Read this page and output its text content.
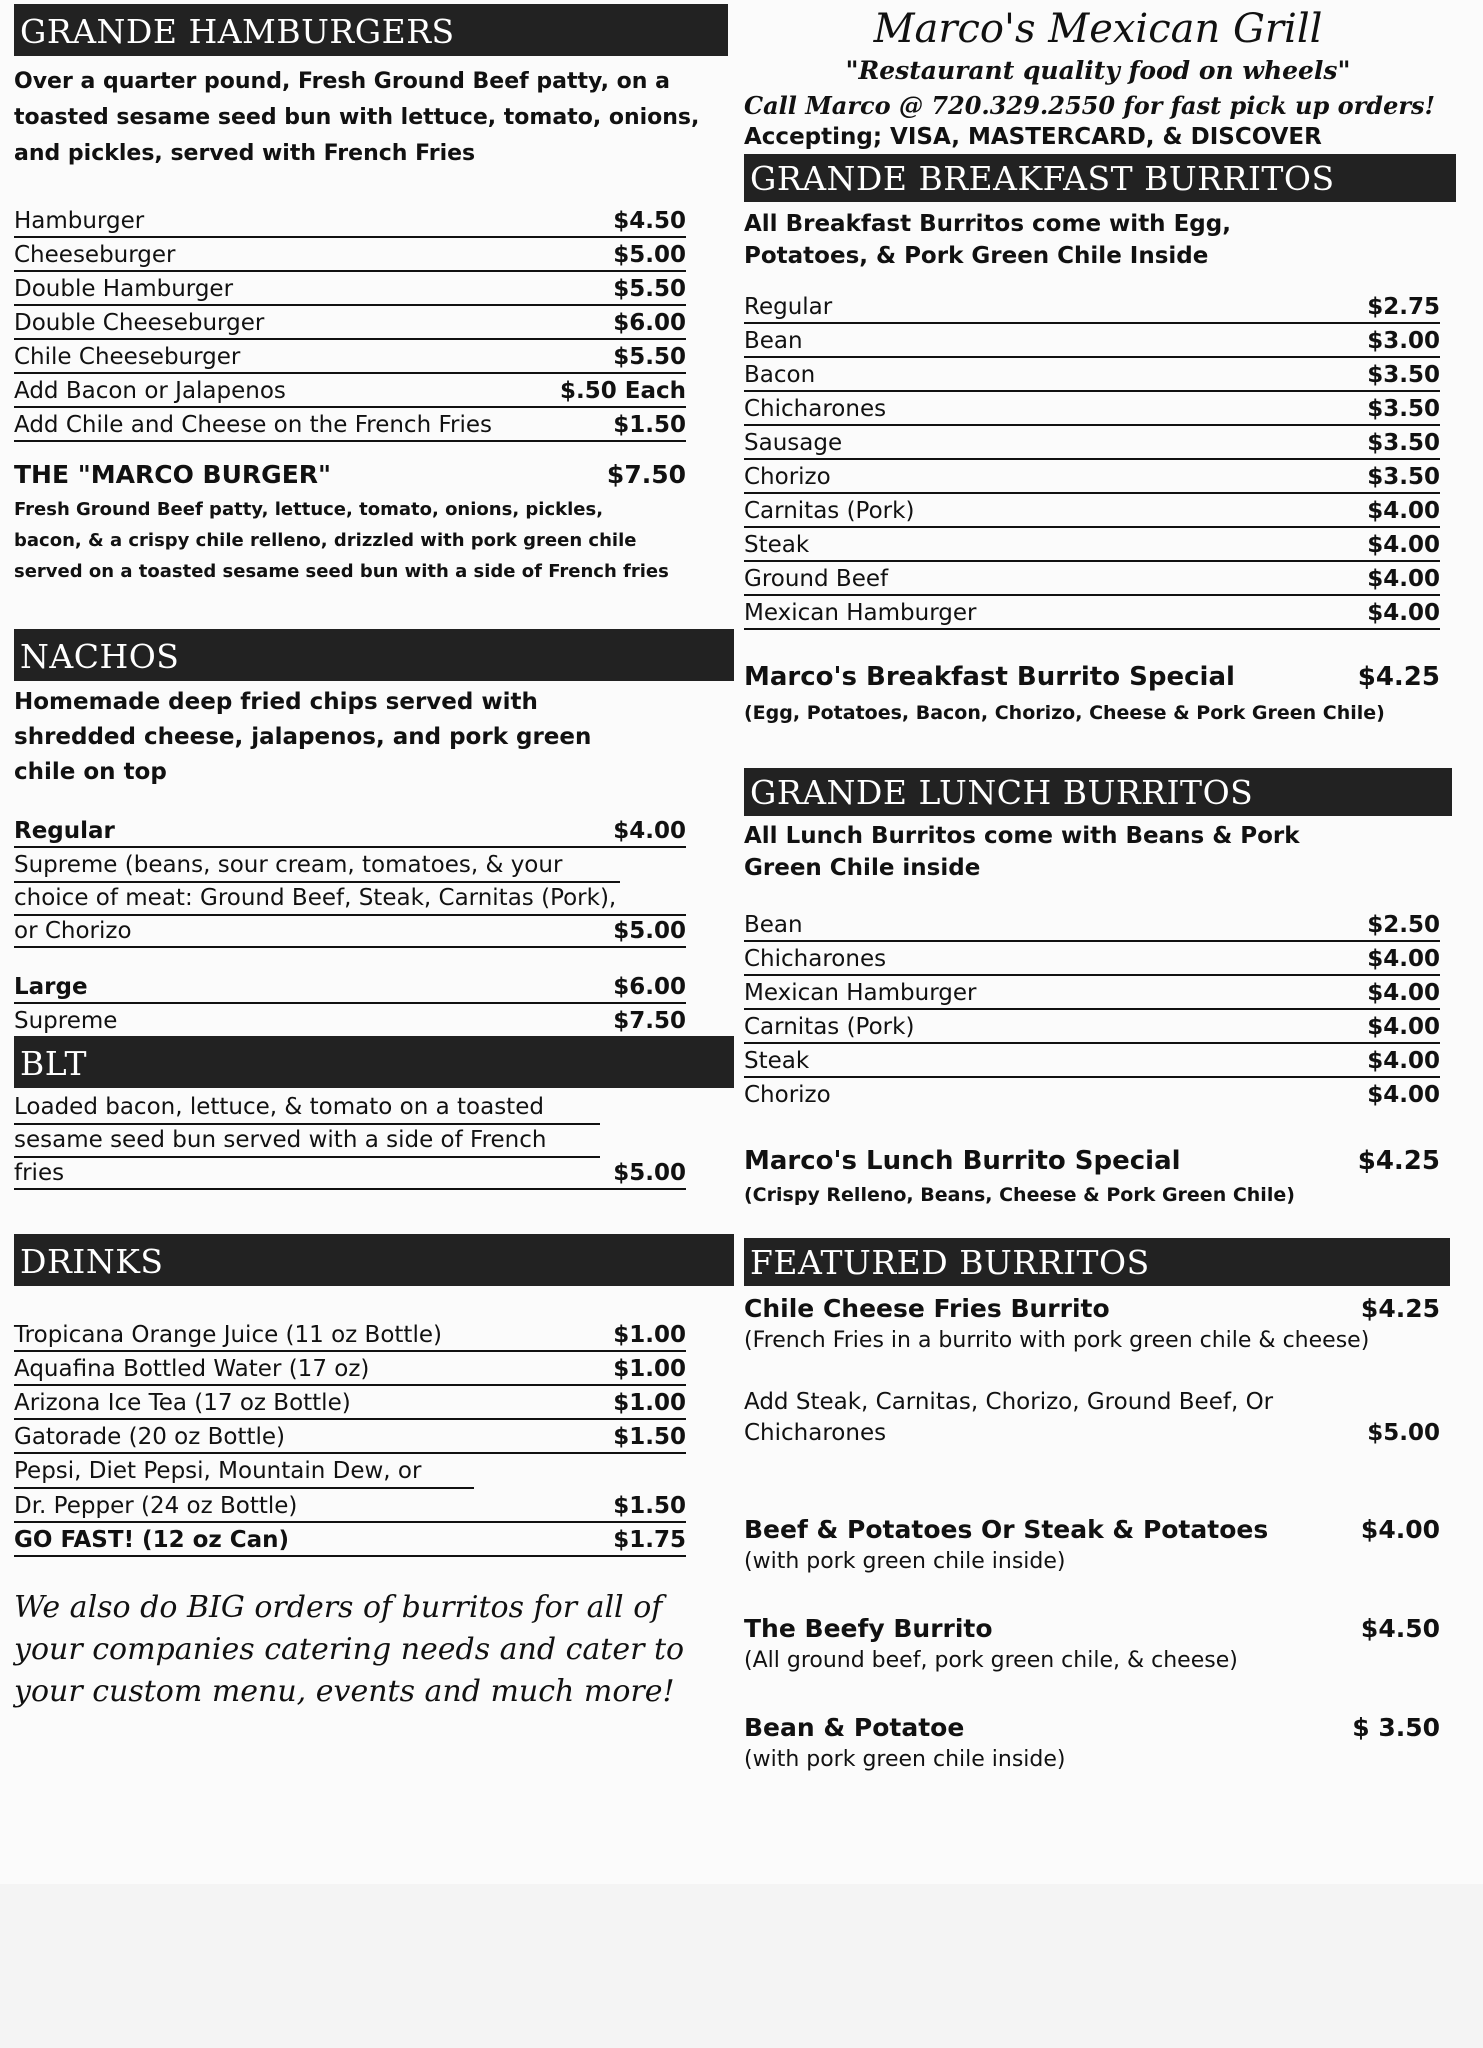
GRANDE HAMBURGERS
Over a quarter pound, Fresh Ground Beef patty, on a toasted sesame seed bun with lettuce, tomato, onions, and pickles, served with French Fries
Hamburger	$4.50
Cheeseburger	$5.00
Double Hamburger	$5.50
Double Cheeseburger	$6.00
Chile Cheeseburger	$5.50
Add Bacon or Jalapenos	$.50 Each
Add Chile and Cheese on the French Fries	$1.50
THE "MARCO BURGER"	$7.50
Fresh Ground Beef patty, lettuce, tomato, onions, pickles, bacon, & a crispy chile relleno, drizzled with pork green chile served on a toasted sesame seed bun with a side of French fries
NACHOS
Homemade deep fried chips served with shredded cheese, jalapenos, and pork green chile on top
Regular	$4.00
Supreme (beans, sour cream, tomatoes, & your
choice of meat: Ground Beef, Steak, Carnitas (Pork),
or Chorizo	$5.00
Large	$6.00
Supreme	$7.50
BLT
Loaded bacon, lettuce, & tomato on a toasted
sesame seed bun served with a side of French
fries	$5.00
DRINKS
Tropicana Orange Juice (11 oz Bottle)	$1.00
Aquafina Bottled Water (17 oz)	$1.00
Arizona Ice Tea (17 oz Bottle)	$1.00
Gatorade (20 oz Bottle)	$1.50
Pepsi, Diet Pepsi, Mountain Dew, or
Dr. Pepper (24 oz Bottle)	$1.50
GO FAST! (12 oz Can)	$1.75
We also do BIG orders of burritos for all of your companies catering needs and cater to your custom menu, events and much more!
Marco's Mexican Grill
"Restaurant quality food on wheels"
Call Marco @ 720.329.2550 for fast pick up orders!
Accepting; VISA, MASTERCARD, & DISCOVER
GRANDE BREAKFAST BURRITOS
All Breakfast Burritos come with Egg, Potatoes, & Pork Green Chile Inside
Regular	$2.75
Bean	$3.00
Bacon	$3.50
Chicharones	$3.50
Sausage	$3.50
Chorizo	$3.50
Carnitas (Pork)	$4.00
Steak	$4.00
Ground Beef	$4.00
Mexican Hamburger	$4.00
Marco's Breakfast Burrito Special	$4.25
(Egg, Potatoes, Bacon, Chorizo, Cheese & Pork Green Chile)
GRANDE LUNCH BURRITOS
All Lunch Burritos come with Beans & Pork Green Chile inside
Bean	$2.50
Chicharones	$4.00
Mexican Hamburger	$4.00
Carnitas (Pork)	$4.00
Steak	$4.00
Chorizo	$4.00
Marco's Lunch Burrito Special	$4.25
(Crispy Relleno, Beans, Cheese & Pork Green Chile)
FEATURED BURRITOS
Chile Cheese Fries Burrito	$4.25
(French Fries in a burrito with pork green chile & cheese)
Add Steak, Carnitas, Chorizo, Ground Beef, Or
Chicharones	$5.00
Beef & Potatoes Or Steak & Potatoes	$4.00
(with pork green chile inside)
The Beefy Burrito	$4.50
(All ground beef, pork green chile, & cheese)
Bean & Potatoe	$ 3.50
(with pork green chile inside)
